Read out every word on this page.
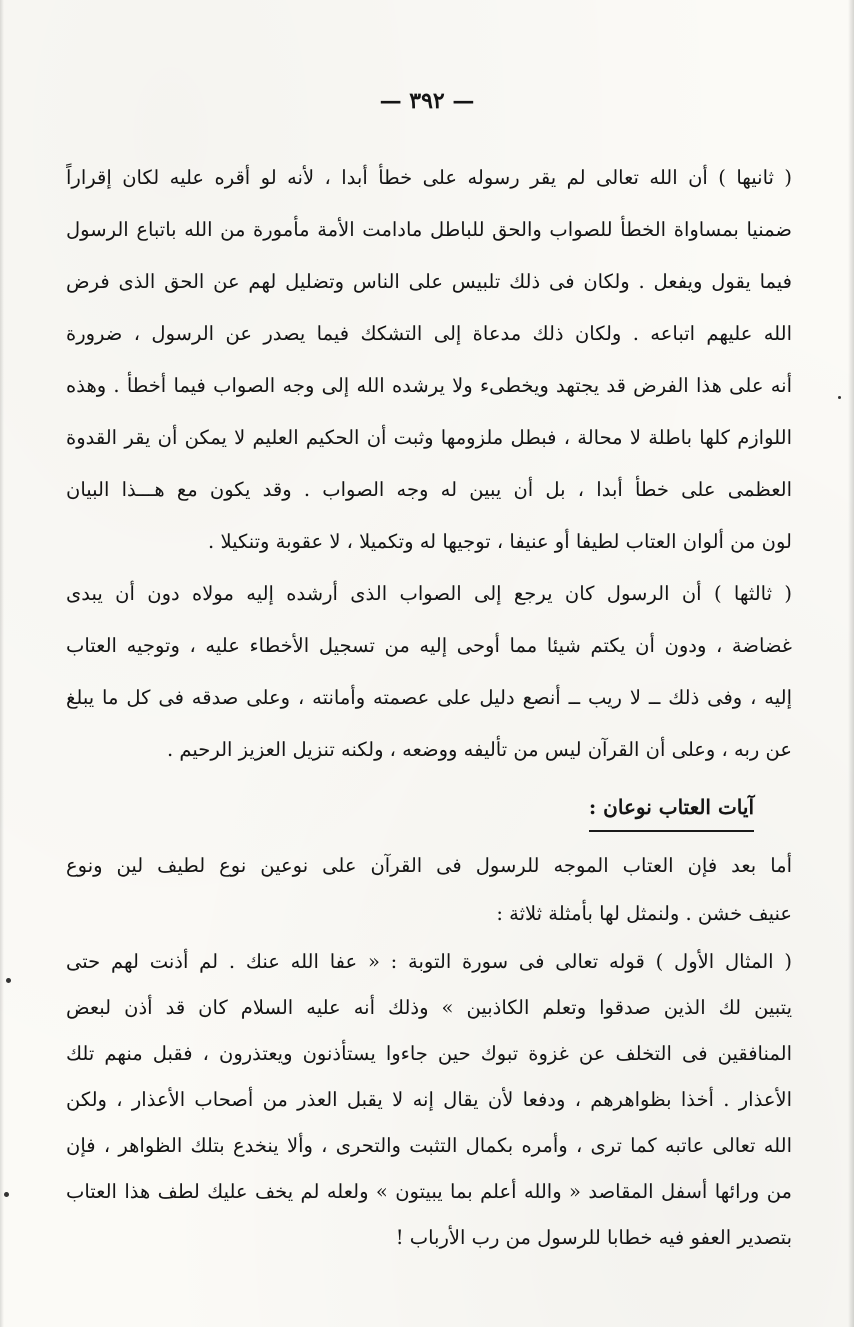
— ٣٩٢ —
( ثانيها ) أن الله تعالى لم يقر رسوله على خطأ أبدا ، لأنه لو أقره عليه لكان إقراراً
ضمنيا بمساواة الخطأ للصواب والحق للباطل مادامت الأمة مأمورة من الله باتباع الرسول
فيما يقول ويفعل . ولكان فى ذلك تلبيس على الناس وتضليل لهم عن الحق الذى فرض
الله عليهم اتباعه . ولكان ذلك مدعاة إلى التشكك فيما يصدر عن الرسول ، ضرورة
أنه على هذا الفرض قد يجتهد ويخطىء ولا يرشده الله إلى وجه الصواب فيما أخطأ . وهذه
اللوازم كلها باطلة لا محالة ، فبطل ملزومها وثبت أن الحكيم العليم لا يمكن أن يقر القدوة
العظمى على خطأ أبدا ، بل أن يبين له وجه الصواب . وقد يكون مع هـــذا البيان
لون من ألوان العتاب لطيفا أو عنيفا ، توجيها له وتكميلا ، لا عقوبة وتنكيلا .
( ثالثها ) أن الرسول كان يرجع إلى الصواب الذى أرشده إليه مولاه دون أن يبدى
غضاضة ، ودون أن يكتم شيئا مما أوحى إليه من تسجيل الأخطاء عليه ، وتوجيه العتاب
إليه ، وفى ذلك ــ لا ريب ــ أنصع دليل على عصمته وأمانته ، وعلى صدقه فى كل ما يبلغ
عن ربه ، وعلى أن القرآن ليس من تأليفه ووضعه ، ولكنه تنزيل العزيز الرحيم .
آيات العتاب نوعان :
أما بعد فإن العتاب الموجه للرسول فى القرآن على نوعين نوع لطيف لين ونوع
عنيف خشن . ولنمثل لها بأمثلة ثلاثة :
( المثال الأول ) قوله تعالى فى سورة التوبة : « عفا الله عنك . لم أذنت لهم حتى
يتبين لك الذين صدقوا وتعلم الكاذبين » وذلك أنه عليه السلام كان قد أذن لبعض
المنافقين فى التخلف عن غزوة تبوك حين جاءوا يستأذنون ويعتذرون ، فقبل منهم تلك
الأعذار . أخذا بظواهرهم ، ودفعا لأن يقال إنه لا يقبل العذر من أصحاب الأعذار ، ولكن
الله تعالى عاتبه كما ترى ، وأمره بكمال التثبت والتحرى ، وألا ينخدع بتلك الظواهر ، فإن
من ورائها أسفل المقاصد « والله أعلم بما يبيتون » ولعله لم يخف عليك لطف هذا العتاب
بتصدير العفو فيه خطابا للرسول من رب الأرباب !
